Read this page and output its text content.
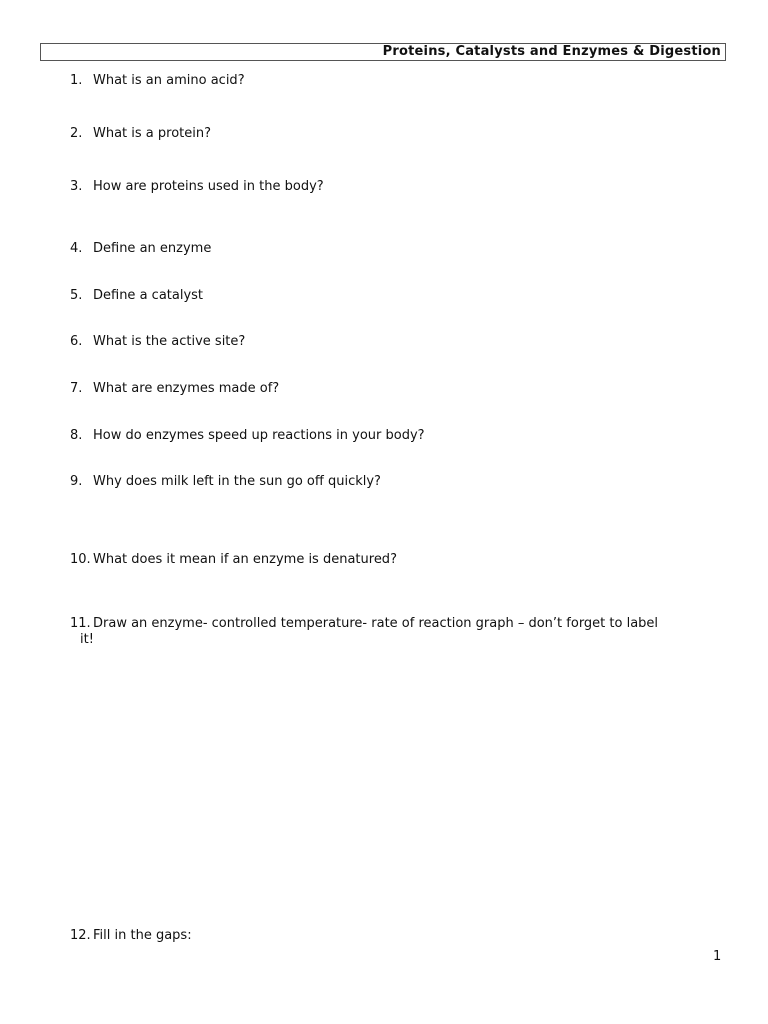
Proteins, Catalysts and Enzymes & Digestion
1. What is an amino acid?
2. What is a protein?
3. How are proteins used in the body?
4. Define an enzyme
5. Define a catalyst
6. What is the active site?
7. What are enzymes made of?
8. How do enzymes speed up reactions in your body?
9. Why does milk left in the sun go off quickly?
10. What does it mean if an enzyme is denatured?
11. Draw an enzyme- controlled temperature- rate of reaction graph – don’t forget to label
it!
12. Fill in the gaps:
1
